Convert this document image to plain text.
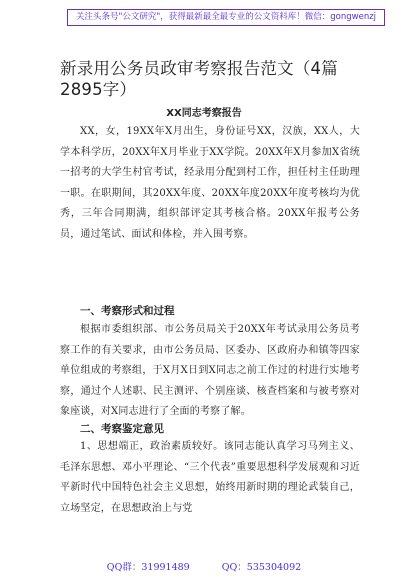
关注头条号"公文研究"，获得最新最全最专业的公文资料库！微信：gongwenzj
新录用公务员政审考察报告范文（4篇2895字）
XX同志考察报告

XX，女，19XX年X月出生，身份证号XX，汉族，XX人，大学本科学历，20XX年X月毕业于XX学院。20XX年X月参加X省统一招考的大学生村官考试，经录用分配到村工作，担任村主任助理一职。在职期间，其20XX年度、20XX年度20XX年度考核均为优秀，三年合同期满，组织部评定其考核合格。20XX年报考公务员，通过笔试、面试和体检，并入围考察。

一、考察形式和过程

根据市委组织部、市公务员局关于20XX年考试录用公务员考察工作的有关要求，由市公务员局、区委办、区政府办和镇等四家单位组成的考察组，于X月X日到X同志之前工作过的村进行实地考察，通过个人述职、民主测评、个别座谈、核查档案和与被考察对象座谈，对X同志进行了全面的考察了解。

二、考察鉴定意见

1、思想端正，政治素质较好。该同志能认真学习马列主义、毛泽东思想、邓小平理论、“三个代表”重要思想科学发展观和习近平新时代中国特色社会主义思想，始终用新时期的理论武装自己，立场坚定，在思想政治上与党

QQ群：31991489	QQ：535304092
